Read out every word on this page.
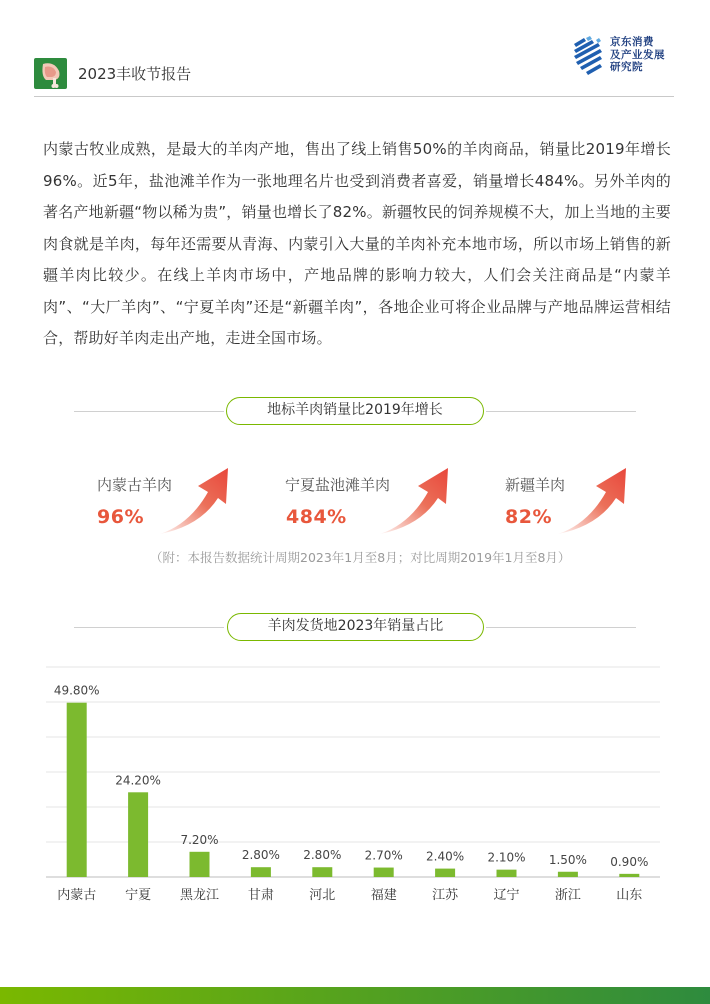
2023丰收节报告
京东消费
及产业发展
研究院
内蒙古牧业成熟，是最大的羊肉产地，售出了线上销售50%的羊肉商品，销量比2019年增长96%。近5年，盐池滩羊作为一张地理名片也受到消费者喜爱，销量增长484%。另外羊肉的著名产地新疆“物以稀为贵”，销量也增长了82%。新疆牧民的饲养规模不大，加上当地的主要肉食就是羊肉，每年还需要从青海、内蒙引入大量的羊肉补充本地市场，所以市场上销售的新疆羊肉比较少。在线上羊肉市场中，产地品牌的影响力较大，人们会关注商品是“内蒙羊肉”、“大厂羊肉”、“宁夏羊肉”还是“新疆羊肉”，各地企业可将企业品牌与产地品牌运营相结合，帮助好羊肉走出产地，走进全国市场。
地标羊肉销量比2019年增长
内蒙古羊肉
96%
宁夏盐池滩羊肉
484%
新疆羊肉
82%
（附：本报告数据统计周期2023年1月至8月；对比周期2019年1月至8月）
羊肉发货地2023年销量占比
49.80%
内蒙古
24.20%
宁夏
7.20%
黑龙江
2.80%
甘肃
2.80%
河北
2.70%
福建
2.40%
江苏
2.10%
辽宁
1.50%
浙江
0.90%
山东
